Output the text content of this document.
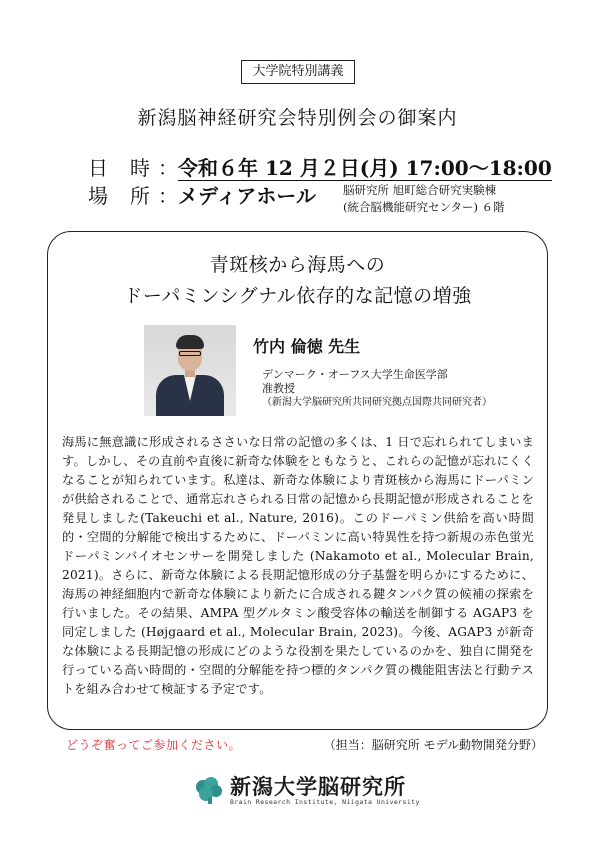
大学院特別講義
新潟脳神経研究会特別例会の御案内
日 時 ：令和６年 12 月２日(月) 17:00〜18:00
場 所 ：メディアホール 脳研究所 旭町総合研究実験棟
(統合脳機能研究センター) ６階
青斑核から海馬への
ドーパミンシグナル依存的な記憶の増強
竹内 倫徳 先生
デンマーク・オーフス大学生命医学部
准教授
（新潟大学脳研究所共同研究拠点国際共同研究者）
海馬に無意識に形成されるささいな日常の記憶の多くは、1 日で忘れられてしまいます。しかし、その直前や直後に新奇な体験をともなうと、これらの記憶が忘れにくくなることが知られています。私達は、新奇な体験により青斑核から海馬にドーパミンが供給されることで、通常忘れさられる日常の記憶から長期記憶が形成されることを発見しました(Takeuchi et al., Nature, 2016)。このドーパミン供給を高い時間的・空間的分解能で検出するために、ドーパミンに高い特異性を持つ新規の赤色蛍光ドーパミンバイオセンサーを開発しました (Nakamoto et al., Molecular Brain, 2021)。さらに、新奇な体験による長期記憶形成の分子基盤を明らかにするために、海馬の神経細胞内で新奇な体験により新たに合成される鍵タンパク質の候補の探索を行いました。その結果、AMPA 型グルタミン酸受容体の輸送を制御する AGAP3 を同定しました (Højgaard et al., Molecular Brain, 2023)。今後、AGAP3 が新奇な体験による長期記憶の形成にどのような役割を果たしているのかを、独自に開発を行っている高い時間的・空間的分解能を持つ標的タンパク質の機能阻害法と行動テストを組み合わせて検証する予定です。
どうぞ奮ってご参加ください。	（担当：脳研究所 モデル動物開発分野）
新潟大学脳研究所
Brain Research Institute, Niigata University
